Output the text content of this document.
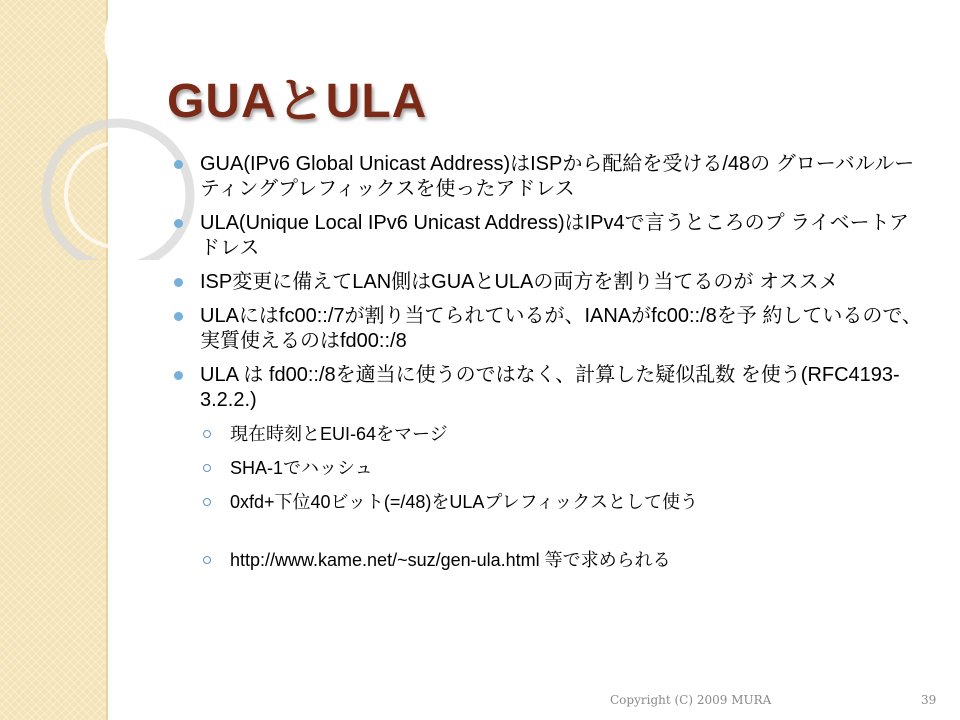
GUAとULA
GUA(IPv6 Global Unicast Address)はISPから配給を受ける/48の グローバルルーティングプレフィックスを使ったアドレス
ULA(Unique Local IPv6 Unicast Address)はIPv4で言うところのプ ライベートアドレス
ISP変更に備えてLAN側はGUAとULAの両方を割り当てるのが オススメ
ULAにはfc00::/7が割り当てられているが、IANAがfc00::/8を予 約しているので、実質使えるのはfd00::/8
ULA は fd00::/8を適当に使うのではなく、計算した疑似乱数 を使う(RFC4193-3.2.2.)
現在時刻とEUI-64をマージ
SHA-1でハッシュ
0xfd+下位40ビット(=/48)をULAプレフィックスとして使う
http://www.kame.net/~suz/gen-ula.html 等で求められる
Copyright (C) 2009 MURA	39
